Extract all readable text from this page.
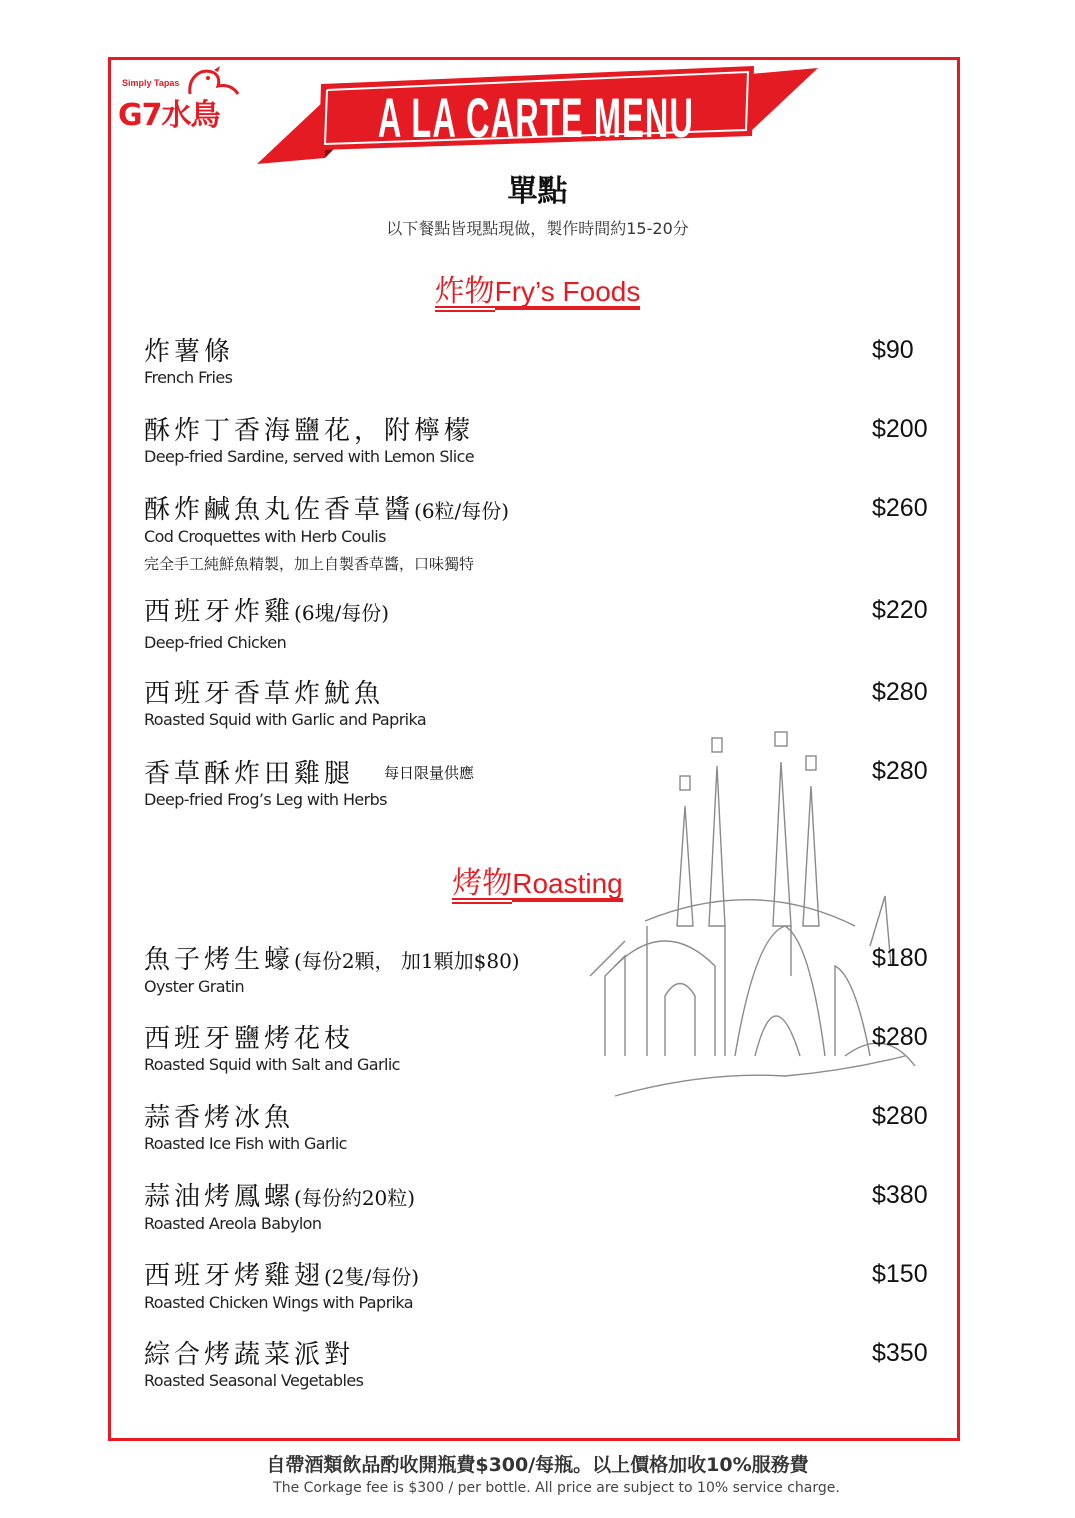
Simply Tapas
G7水鳥	A LA CARTE MENU
單點
以下餐點皆現點現做，製作時間約15-20分
炸物Fry’s Foods
炸薯條
French Fries
$90
酥炸丁香海鹽花，附檸檬
Deep-fried Sardine, served with Lemon Slice
$200
酥炸鹹魚丸佐香草醬(6粒/每份)
Cod Croquettes with Herb Coulis
完全手工純鮮魚精製，加上自製香草醬，口味獨特
$260
西班牙炸雞(6塊/每份)
Deep-fried Chicken
$220
西班牙香草炸魷魚
Roasted Squid with Garlic and Paprika
$280
香草酥炸田雞腿 每日限量供應
Deep-fried Frog’s Leg with Herbs
$280
烤物Roasting
魚子烤生蠔(每份2顆， 加1顆加$80)
Oyster Gratin
$180
西班牙鹽烤花枝
Roasted Squid with Salt and Garlic
$280
蒜香烤冰魚
Roasted Ice Fish with Garlic
$280
蒜油烤鳳螺(每份約20粒)
Roasted Areola Babylon
$380
西班牙烤雞翅(2隻/每份)
Roasted Chicken Wings with Paprika
$150
綜合烤蔬菜派對
Roasted Seasonal Vegetables
$350
自帶酒類飲品酌收開瓶費$300/每瓶。以上價格加收10%服務費
The Corkage fee is $300 / per bottle. All price are subject to 10% service charge.
